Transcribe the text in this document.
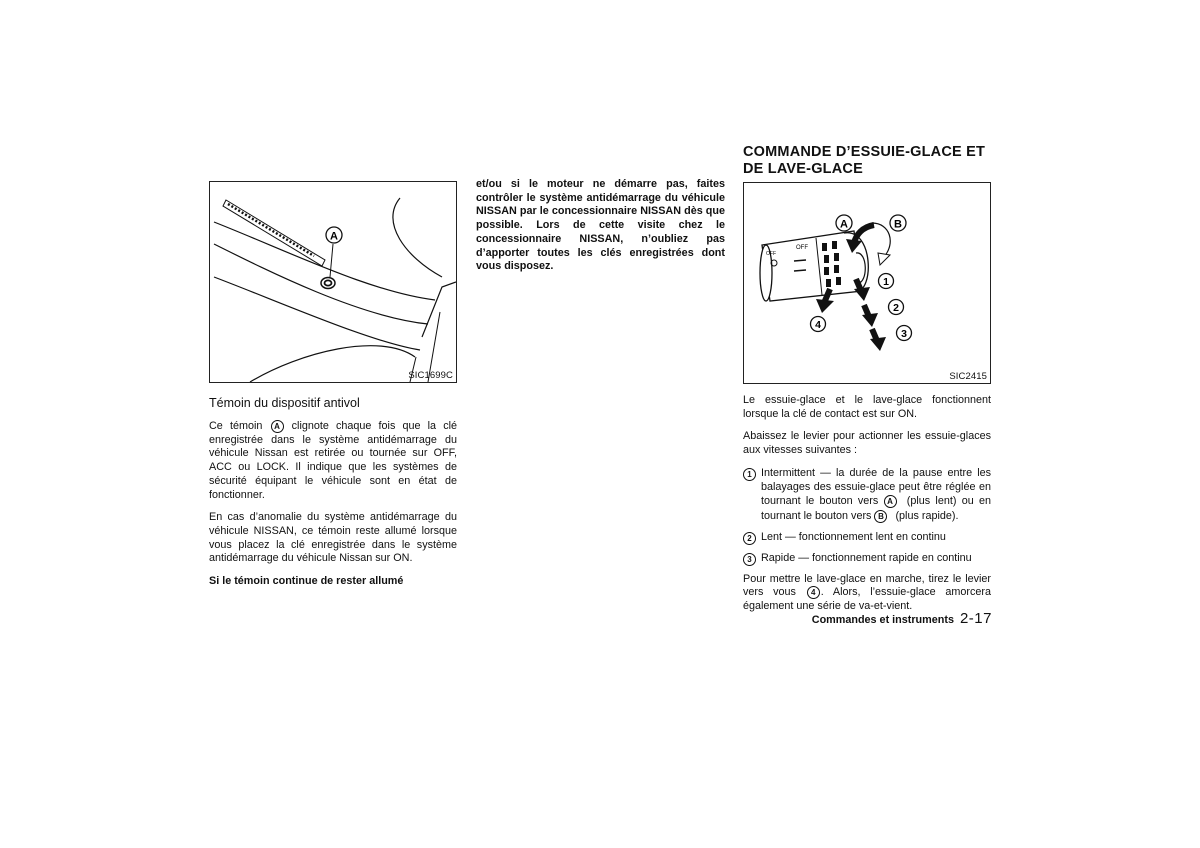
A
SIC1699C
Témoin du dispositif antivol

Ce témoin A clignote chaque fois que la clé enregistrée dans le système antidémarrage du véhicule Nissan est retirée ou tournée sur OFF, ACC ou LOCK. Il indique que les systèmes de sécurité équipant le véhicule sont en état de fonctionner.

En cas d’anomalie du système antidémarrage du véhicule NISSAN, ce témoin reste allumé lorsque vous placez la clé enregistrée dans le système antidémarrage du véhicule Nissan sur ON.

Si le témoin continue de rester allumé

et/ou si le moteur ne démarre pas, faites contrôler le système antidémarrage du véhicule NISSAN par le concessionnaire NISSAN dès que possible. Lors de cette visite chez le concessionnaire NISSAN, n’oubliez pas d’apporter toutes les clés enregistrées dont vous disposez.

COMMANDE D’ESSUIE-GLACE ET
DE LAVE-GLACE
OFF
OFF
A	B
1
2
3
4
SIC2415

Le essuie-glace et le lave-glace fonctionnent lorsque la clé de contact est sur ON.

Abaissez le levier pour actionner les essuie-glaces aux vitesses suivantes :

1 Intermittent — la durée de la pause entre les balayages des essuie-glace peut être réglée en tournant le bouton vers A (plus lent) ou en tournant le bouton vers B (plus rapide).
2 Lent — fonctionnement lent en continu
3 Rapide — fonctionnement rapide en continu

Pour mettre le lave-glace en marche, tirez le levier vers vous 4 . Alors, l’essuie-glace amorcera également une série de va-et-vient.

Commandes et instruments 2-17
